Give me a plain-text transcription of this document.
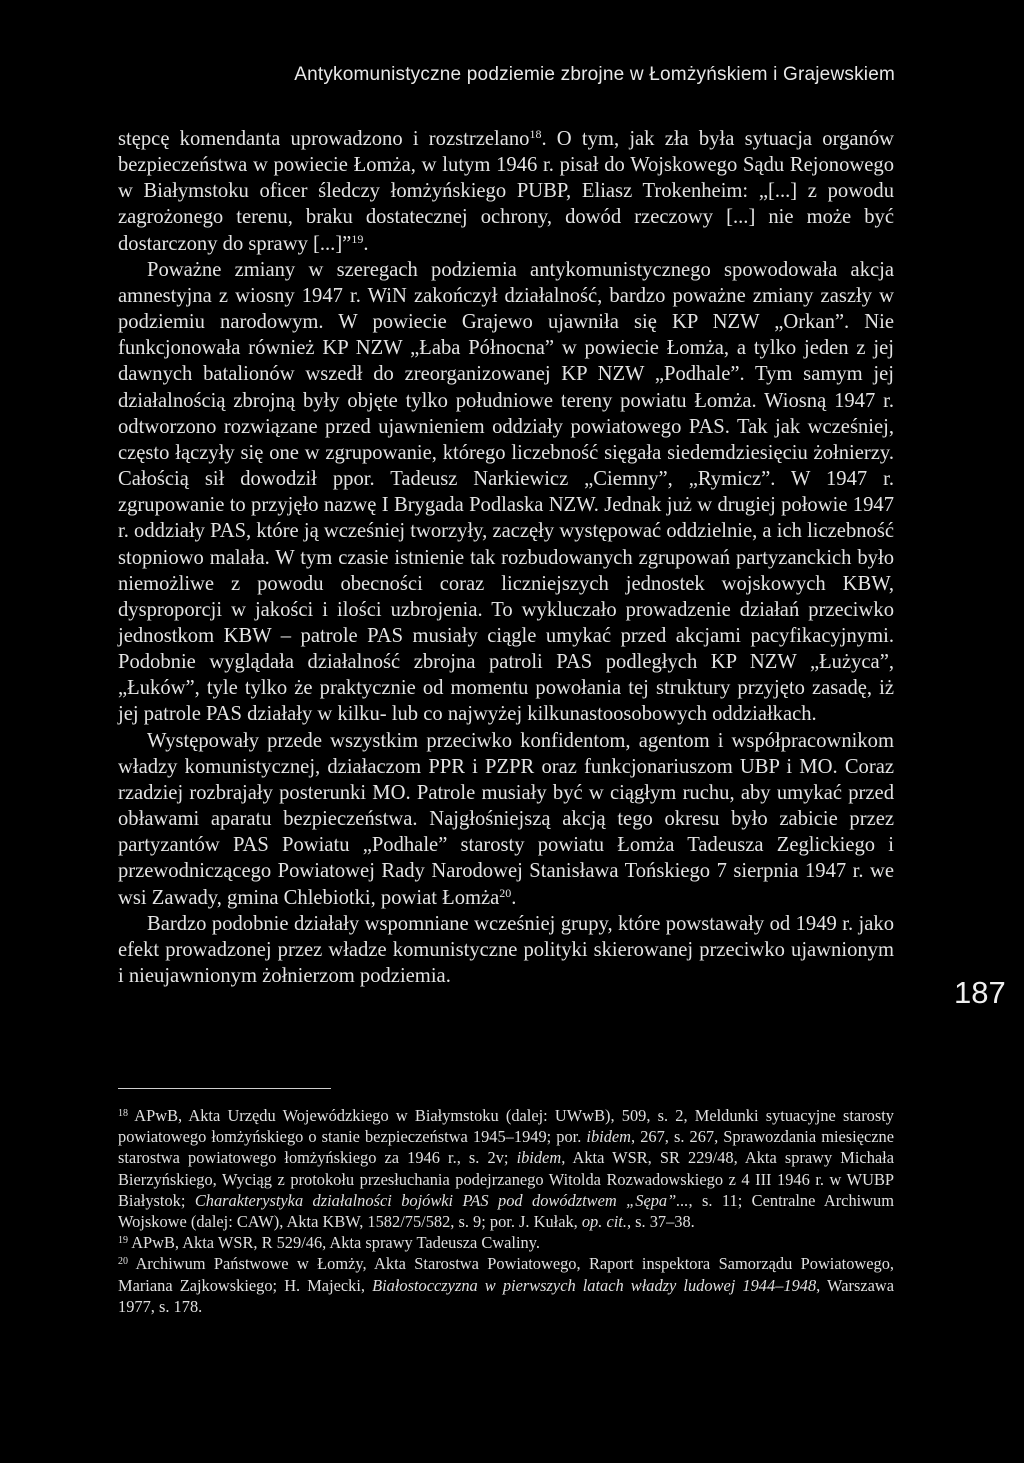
Antykomunistyczne podziemie zbrojne w Łomżyńskiem i Grajewskiem

stępcę komendanta uprowadzono i rozstrzelano$^{18}$. O tym, jak zła była sytuacja organów bezpieczeństwa w powiecie Łomża, w lutym 1946 r. pisał do Wojskowego Sądu Rejonowego w Białymstoku oficer śledczy łomżyńskiego PUBP, Eliasz Trokenheim: „[...] z powodu zagrożonego terenu, braku dostatecznej ochrony, dowód rzeczowy [...] nie może być dostarczony do sprawy [...]”$^{19}$.

Poważne zmiany w szeregach podziemia antykomunistycznego spowodowała akcja amnestyjna z wiosny 1947 r. WiN zakończył działalność, bardzo poważne zmiany zaszły w podziemiu narodowym. W powiecie Grajewo ujawniła się KP NZW „Orkan”. Nie funkcjonowała również KP NZW „Łaba Północna” w powiecie Łomża, a tylko jeden z jej dawnych batalionów wszedł do zreorganizowanej KP NZW „Podhale”. Tym samym jej działalnością zbrojną były objęte tylko południowe tereny powiatu Łomża. Wiosną 1947 r. odtworzono rozwiązane przed ujawnieniem oddziały powiatowego PAS. Tak jak wcześniej, często łączyły się one w zgrupowanie, którego liczebność sięgała siedemdziesięciu żołnierzy. Całością sił dowodził ppor. Tadeusz Narkiewicz „Ciemny”, „Rymicz”. W 1947 r. zgrupowanie to przyjęło nazwę I Brygada Podlaska NZW. Jednak już w drugiej połowie 1947 r. oddziały PAS, które ją wcześniej tworzyły, zaczęły występować oddzielnie, a ich liczebność stopniowo malała. W tym czasie istnienie tak rozbudowanych zgrupowań partyzanckich było niemożliwe z powodu obecności coraz liczniejszych jednostek wojskowych KBW, dysproporcji w jakości i ilości uzbrojenia. To wykluczało prowadzenie działań przeciwko jednostkom KBW – patrole PAS musiały ciągle umykać przed akcjami pacyfikacyjnymi. Podobnie wyglądała działalność zbrojna patroli PAS podległych KP NZW „Łużyca”, „Łuków”, tyle tylko że praktycznie od momentu powołania tej struktury przyjęto zasadę, iż jej patrole PAS działały w kilku- lub co najwyżej kilkunastoosobowych oddziałkach.

Występowały przede wszystkim przeciwko konfidentom, agentom i współpracownikom władzy komunistycznej, działaczom PPR i PZPR oraz funkcjonariuszom UBP i MO. Coraz rzadziej rozbrajały posterunki MO. Patrole musiały być w ciągłym ruchu, aby umykać przed obławami aparatu bezpieczeństwa. Najgłośniejszą akcją tego okresu było zabicie przez partyzantów PAS Powiatu „Podhale” starosty powiatu Łomża Tadeusza Zeglickiego i przewodniczącego Powiatowej Rady Narodowej Stanisława Tońskiego 7 sierpnia 1947 r. we wsi Zawady, gmina Chlebiotki, powiat Łomża$^{20}$.

Bardzo podobnie działały wspomniane wcześniej grupy, które powstawały od 1949 r. jako efekt prowadzonej przez władze komunistyczne polityki skierowanej przeciwko ujawnionym i nieujawnionym żołnierzom podziemia.	187

$^{18}$ APwB, Akta Urzędu Wojewódzkiego w Białymstoku (dalej: UWwB), 509, s. 2, Meldunki sytuacyjne starosty powiatowego łomżyńskiego o stanie bezpieczeństwa 1945–1949; por. ibidem, 267, s. 267, Sprawozdania miesięczne starostwa powiatowego łomżyńskiego za 1946 r., s. 2v; ibidem, Akta WSR, SR 229/48, Akta sprawy Michała Bierzyńskiego, Wyciąg z protokołu przesłuchania podejrzanego Witolda Rozwadowskiego z 4 III 1946 r. w WUBP Białystok; Charakterystyka działalności bojówki PAS pod dowództwem „Sępa”..., s. 11; Centralne Archiwum Wojskowe (dalej: CAW), Akta KBW, 1582/75/582, s. 9; por. J. Kułak, op. cit., s. 37–38.

$^{19}$ APwB, Akta WSR, R 529/46, Akta sprawy Tadeusza Cwaliny.

$^{20}$ Archiwum Państwowe w Łomży, Akta Starostwa Powiatowego, Raport inspektora Samorządu Powiatowego, Mariana Zajkowskiego; H. Majecki, Białostocczyzna w pierwszych latach władzy ludowej 1944–1948, Warszawa 1977, s. 178.
